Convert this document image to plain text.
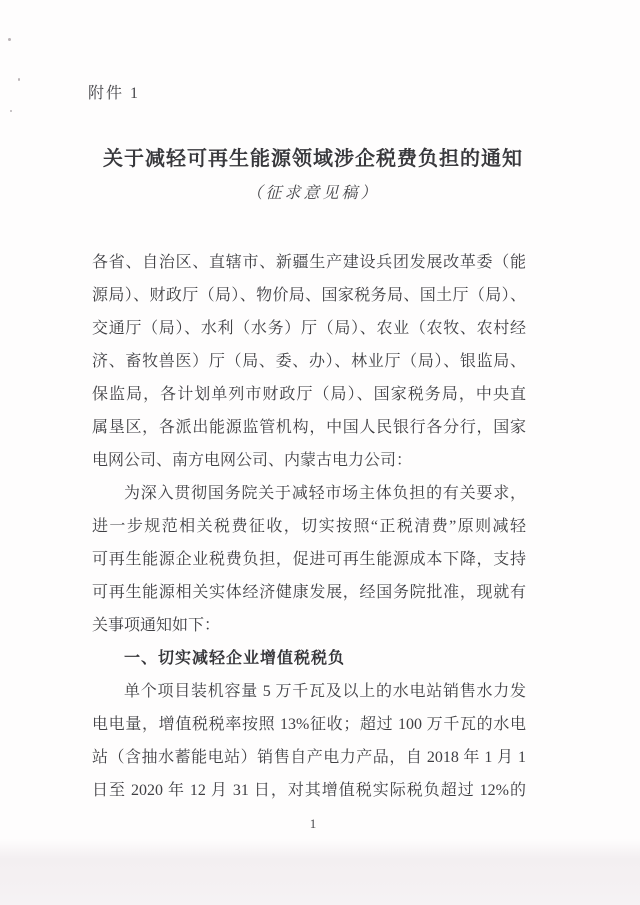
附件 1
关于减轻可再生能源领域涉企税费负担的通知
（征求意见稿）
各省、自治区、直辖市、新疆生产建设兵团发展改革委（能
源局）、财政厅（局）、物价局、国家税务局、国土厅（局）、
交通厅（局）、水利（水务）厅（局）、农业（农牧、农村经
济、畜牧兽医）厅（局、委、办）、林业厅（局）、银监局、
保监局，各计划单列市财政厅（局）、国家税务局，中央直
属垦区，各派出能源监管机构，中国人民银行各分行，国家
电网公司、南方电网公司、内蒙古电力公司：
为深入贯彻国务院关于减轻市场主体负担的有关要求，
进一步规范相关税费征收，切实按照“正税清费”原则减轻
可再生能源企业税费负担，促进可再生能源成本下降，支持
可再生能源相关实体经济健康发展，经国务院批准，现就有
关事项通知如下：
一、切实减轻企业增值税税负
单个项目装机容量 5 万千瓦及以上的水电站销售水力发
电电量，增值税税率按照 13%征收；超过 100 万千瓦的水电
站（含抽水蓄能电站）销售自产电力产品，自 2018 年 1 月 1
日至 2020 年 12 月 31 日，对其增值税实际税负超过 12%的
1
